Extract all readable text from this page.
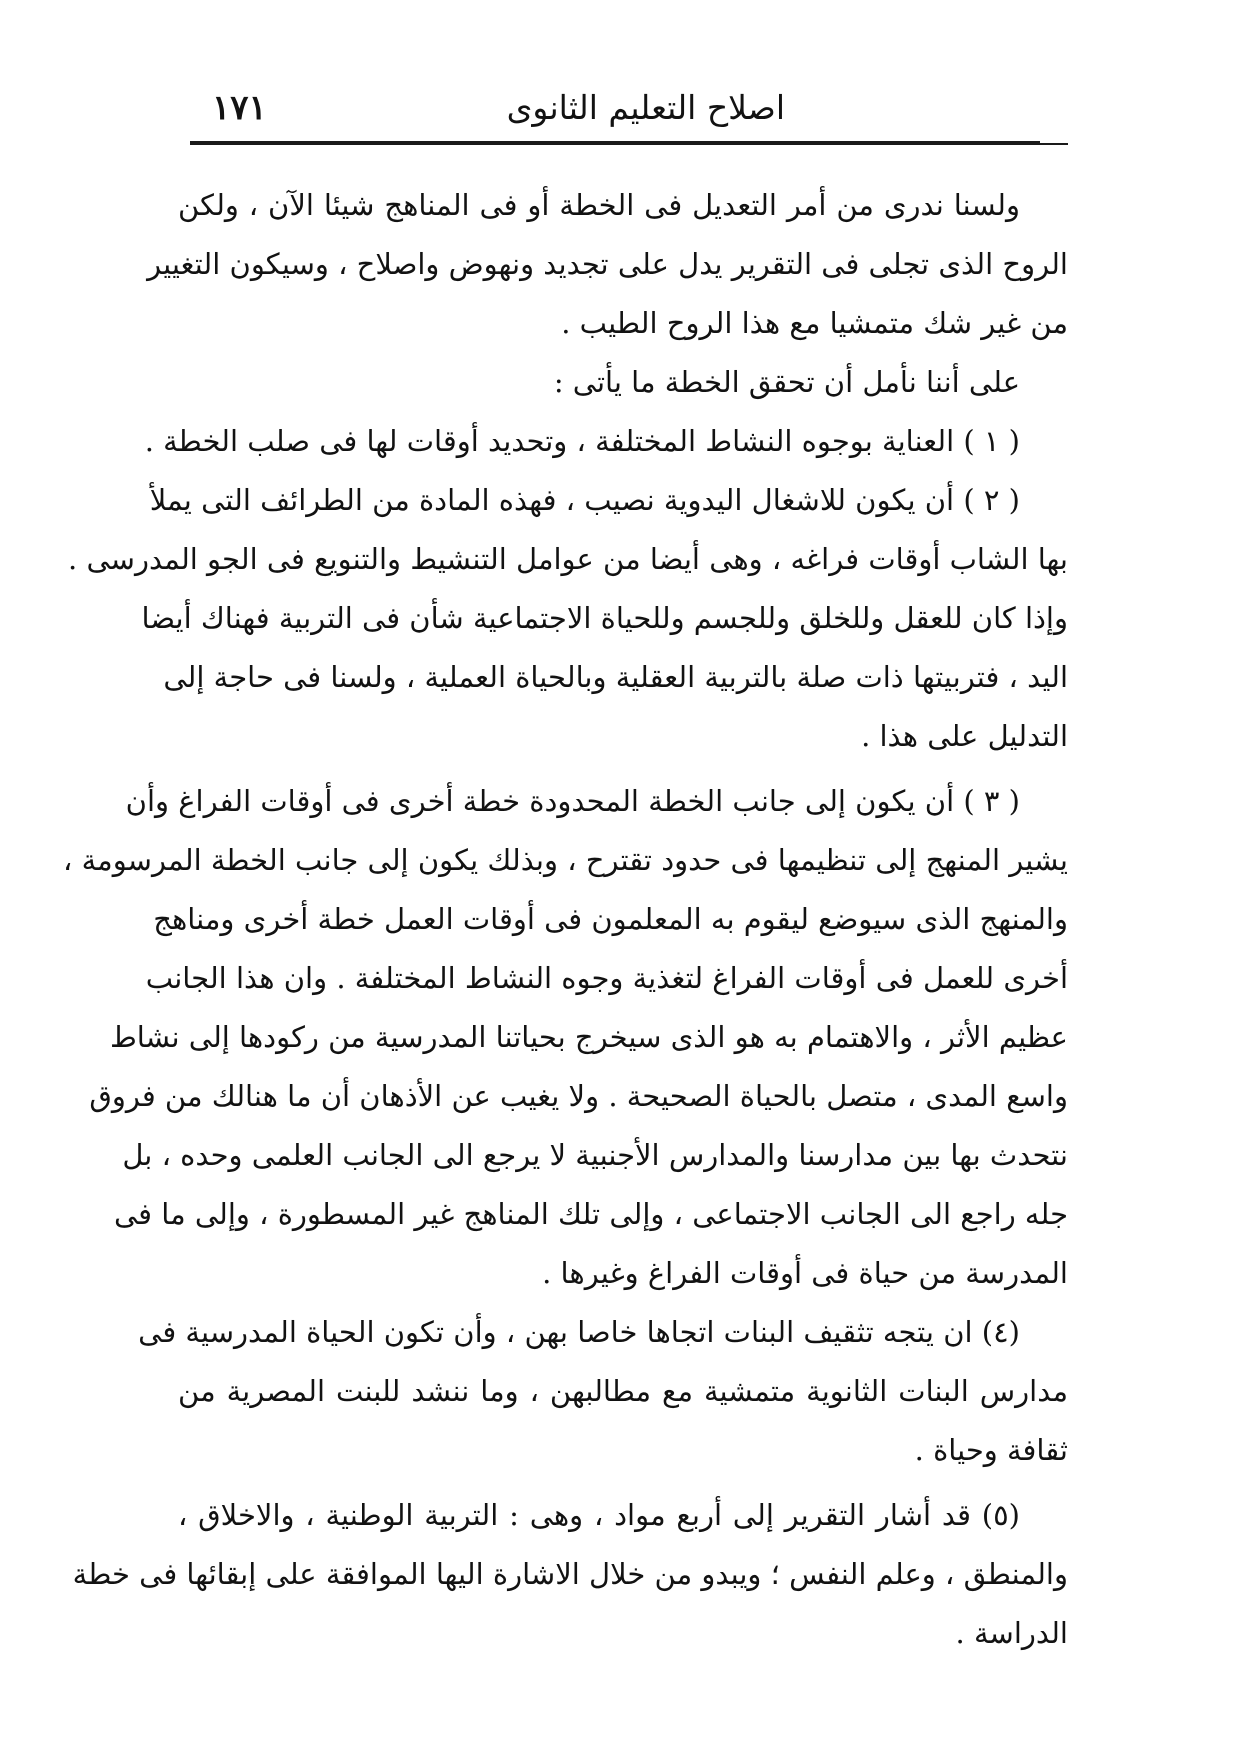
اصلاح التعليم الثانوى
١٧١
ولسنا ندرى من أمر التعديل فى الخطة أو فى المناهج شيئا الآن ، ولكن
الروح الذى تجلى فى التقرير يدل على تجديد ونهوض واصلاح ، وسيكون التغيير
من غير شك متمشيا مع هذا الروح الطيب .
على أننا نأمل أن تحقق الخطة ما يأتى :
( ١ ) العناية بوجوه النشاط المختلفة ، وتحديد أوقات لها فى صلب الخطة .
( ٢ ) أن يكون للاشغال اليدوية نصيب ، فهذه المادة من الطرائف التى يملأ
بها الشاب أوقات فراغه ، وهى أيضا من عوامل التنشيط والتنويع فى الجو المدرسى .
وإذا كان للعقل وللخلق وللجسم وللحياة الاجتماعية شأن فى التربية فهناك أيضا
اليد ، فتربيتها ذات صلة بالتربية العقلية وبالحياة العملية ، ولسنا فى حاجة إلى
التدليل على هذا .
( ٣ ) أن يكون إلى جانب الخطة المحدودة خطة أخرى فى أوقات الفراغ وأن
يشير المنهج إلى تنظيمها فى حدود تقترح ، وبذلك يكون إلى جانب الخطة المرسومة ،
والمنهج الذى سيوضع ليقوم به المعلمون فى أوقات العمل خطة أخرى ومناهج
أخرى للعمل فى أوقات الفراغ لتغذية وجوه النشاط المختلفة . وان هذا الجانب
عظيم الأثر ، والاهتمام به هو الذى سيخرج بحياتنا المدرسية من ركودها إلى نشاط
واسع المدى ، متصل بالحياة الصحيحة . ولا يغيب عن الأذهان أن ما هنالك من فروق
نتحدث بها بين مدارسنا والمدارس الأجنبية لا يرجع الى الجانب العلمى وحده ، بل
جله راجع الى الجانب الاجتماعى ، وإلى تلك المناهج غير المسطورة ، وإلى ما فى
المدرسة من حياة فى أوقات الفراغ وغيرها .
(٤) ان يتجه تثقيف البنات اتجاها خاصا بهن ، وأن تكون الحياة المدرسية فى
مدارس البنات الثانوية متمشية مع مطالبهن ، وما ننشد للبنت المصرية من
ثقافة وحياة .
(٥) قد أشار التقرير إلى أربع مواد ، وهى : التربية الوطنية ، والاخلاق ،
والمنطق ، وعلم النفس ؛ ويبدو من خلال الاشارة اليها الموافقة على إبقائها فى خطة
الدراسة .
